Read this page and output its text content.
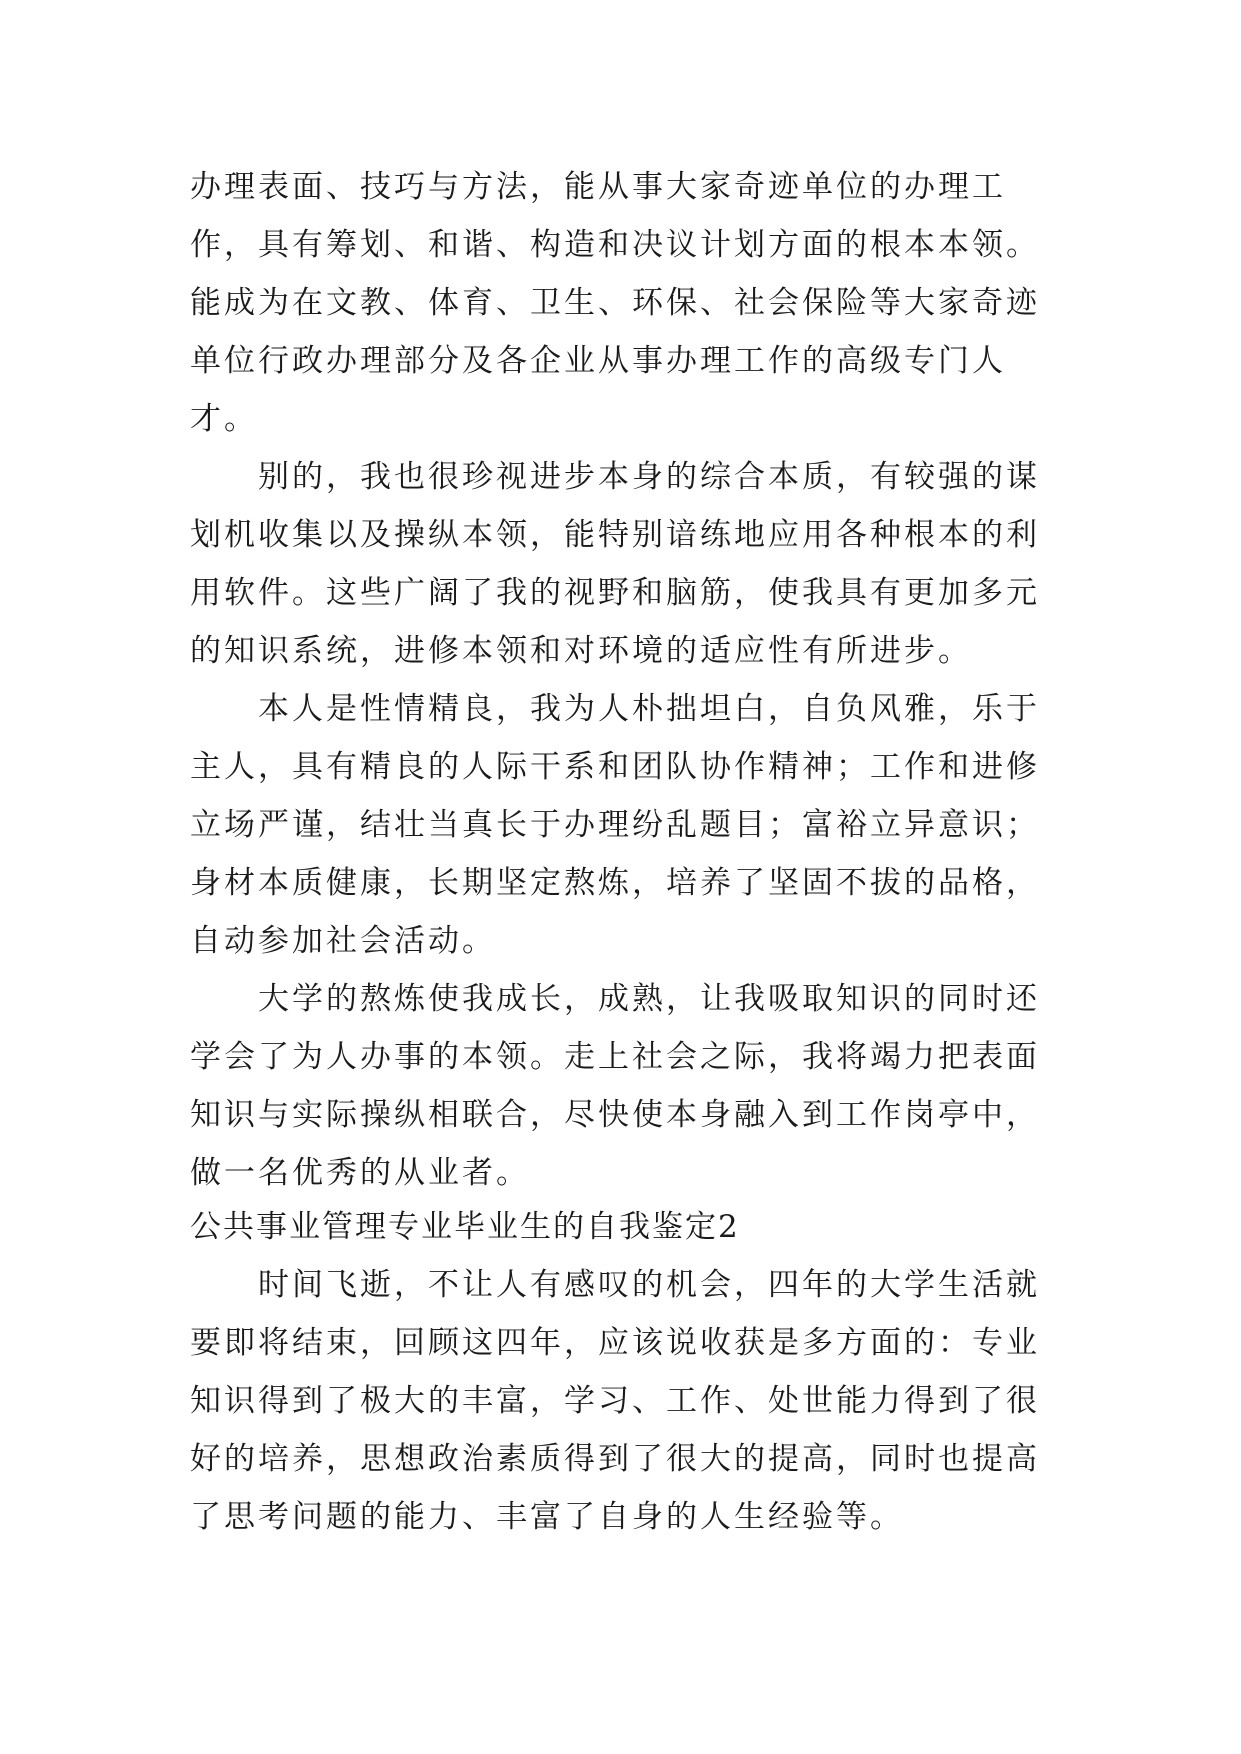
办理表面、技巧与方法，能从事大家奇迹单位的办理工作，具有筹划、和谐、构造和决议计划方面的根本本领。能成为在文教、体育、卫生、环保、社会保险等大家奇迹单位行政办理部分及各企业从事办理工作的高级专门人才。

别的，我也很珍视进步本身的综合本质，有较强的谋划机收集以及操纵本领，能特别谙练地应用各种根本的利用软件。这些广阔了我的视野和脑筋，使我具有更加多元的知识系统，进修本领和对环境的适应性有所进步。

本人是性情精良，我为人朴拙坦白，自负风雅，乐于主人，具有精良的人际干系和团队协作精神；工作和进修立场严谨，结壮当真长于办理纷乱题目；富裕立异意识；身材本质健康，长期坚定熬炼，培养了坚固不拔的品格，自动参加社会活动。

大学的熬炼使我成长，成熟，让我吸取知识的同时还学会了为人办事的本领。走上社会之际，我将竭力把表面知识与实际操纵相联合，尽快使本身融入到工作岗亭中，做一名优秀的从业者。

公共事业管理专业毕业生的自我鉴定2

时间飞逝，不让人有感叹的机会，四年的大学生活就要即将结束，回顾这四年，应该说收获是多方面的：专业知识得到了极大的丰富，学习、工作、处世能力得到了很好的培养，思想政治素质得到了很大的提高，同时也提高了思考问题的能力、丰富了自身的人生经验等。
